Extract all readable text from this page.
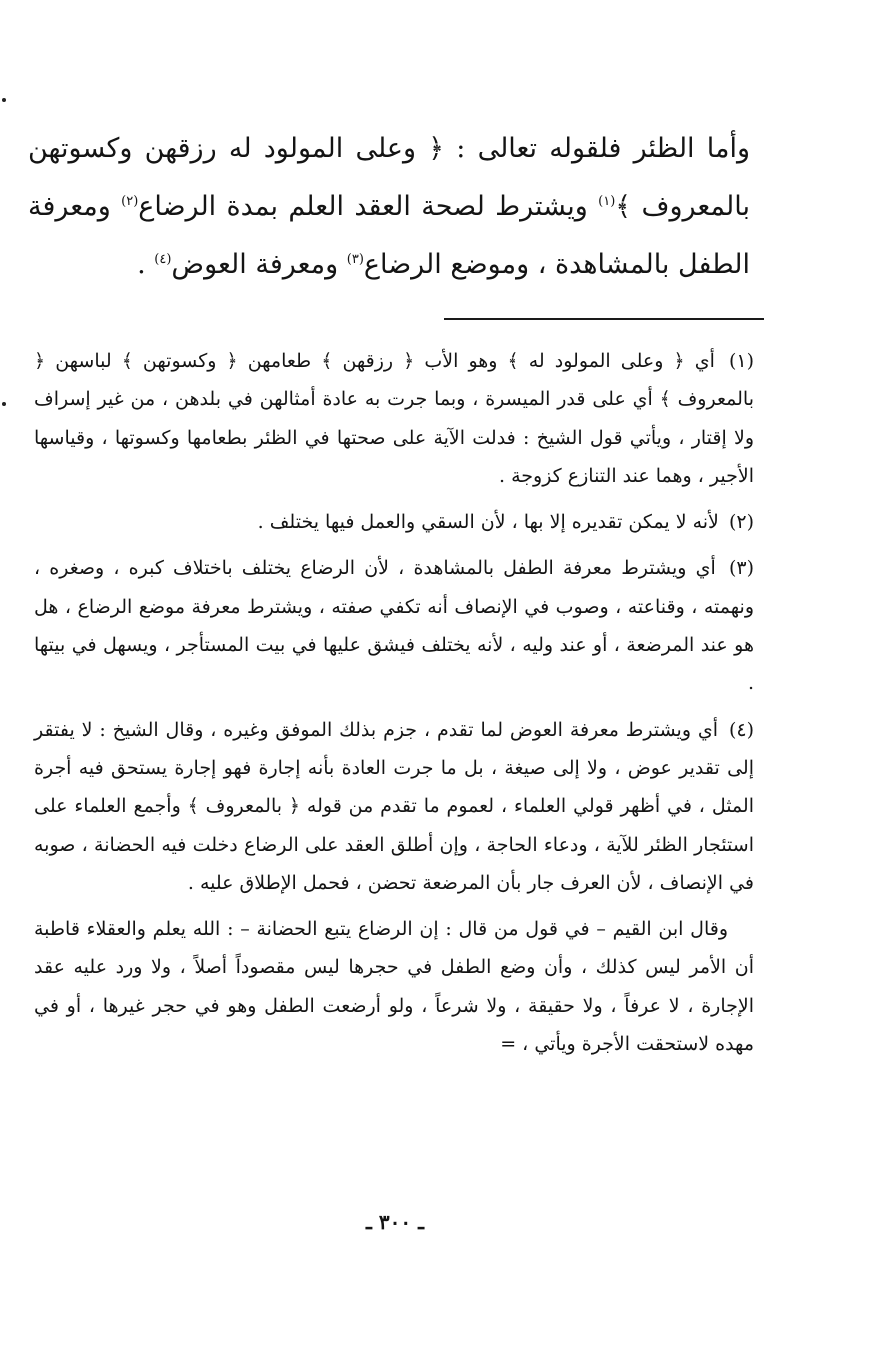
وأما الظئر فلقوله تعالى : ﴿ وعلى المولود له رزقهن وكسوتهن بالمعروف ﴾$^{(١)}$ ويشترط لصحة العقد العلم بمدة الرضاع$^{(٢)}$ ومعرفة الطفل بالمشاهدة ، وموضع الرضاع$^{(٣)}$ ومعرفة العوض$^{(٤)}$ .

(١) أي ﴿ وعلى المولود له ﴾ وهو الأب ﴿ رزقهن ﴾ طعامهن ﴿ وكسوتهن ﴾ لباسهن ﴿ بالمعروف ﴾ أي على قدر الميسرة ، وبما جرت به عادة أمثالهن في بلدهن ، من غير إسراف ولا إقتار ، ويأتي قول الشيخ : فدلت الآية على صحتها في الظئر بطعامها وكسوتها ، وقياسها الأجير ، وهما عند التنازع كزوجة .

(٢) لأنه لا يمكن تقديره إلا بها ، لأن السقي والعمل فيها يختلف .

(٣) أي ويشترط معرفة الطفل بالمشاهدة ، لأن الرضاع يختلف باختلاف كبره ، وصغره ، ونهمته ، وقناعته ، وصوب في الإنصاف أنه تكفي صفته ، ويشترط معرفة موضع الرضاع ، هل هو عند المرضعة ، أو عند وليه ، لأنه يختلف فيشق عليها في بيت المستأجر ، ويسهل في بيتها .

(٤) أي ويشترط معرفة العوض لما تقدم ، جزم بذلك الموفق وغيره ، وقال الشيخ : لا يفتقر إلى تقدير عوض ، ولا إلى صيغة ، بل ما جرت العادة بأنه إجارة فهو إجارة يستحق فيه أجرة المثل ، في أظهر قولي العلماء ، لعموم ما تقدم من قوله ﴿ بالمعروف ﴾ وأجمع العلماء على استئجار الظئر للآية ، ودعاء الحاجة ، وإن أطلق العقد على الرضاع دخلت فيه الحضانة ، صوبه في الإنصاف ، لأن العرف جار بأن المرضعة تحضن ، فحمل الإطلاق عليه .

وقال ابن القيم – في قول من قال : إن الرضاع يتبع الحضانة – : الله يعلم والعقلاء قاطبة أن الأمر ليس كذلك ، وأن وضع الطفل في حجرها ليس مقصوداً أصلاً ، ولا ورد عليه عقد الإجارة ، لا عرفاً ، ولا حقيقة ، ولا شرعاً ، ولو أرضعت الطفل وهو في حجر غيرها ، أو في مهده لاستحقت الأجرة ويأتي ، =

ـ ٣٠٠ ـ
